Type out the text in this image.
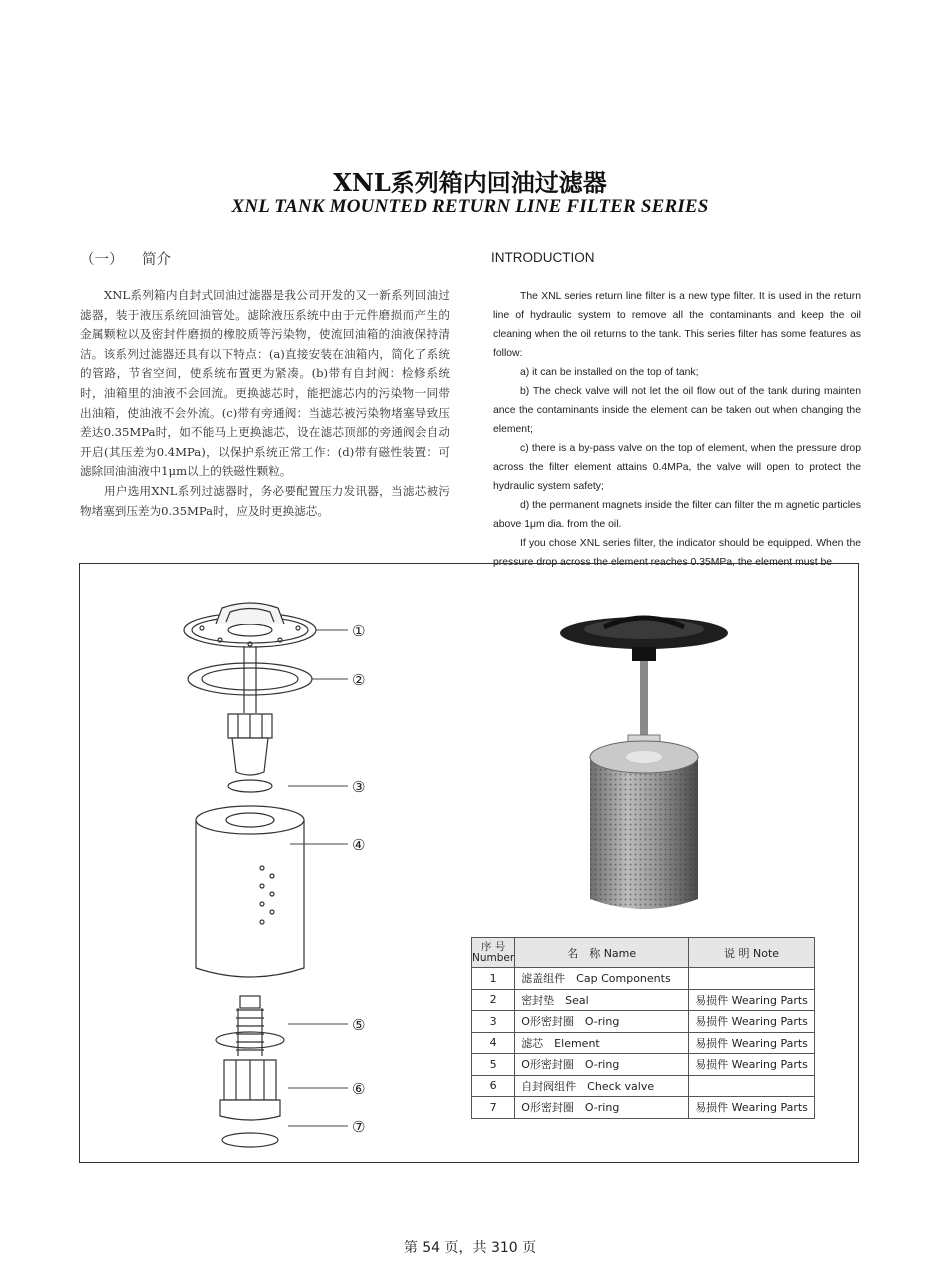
XNL系列箱内回油过滤器
XNL TANK MOUNTED RETURN LINE FILTER SERIES
（一） 简介	INTRODUCTION

XNL系列箱内自封式回油过滤器是我公司开发的又一新系列回油过滤器，装于液压系统回油管处。滤除液压系统中由于元件磨损而产生的金属颗粒以及密封件磨损的橡胶质等污染物，使流回油箱的油液保持清洁。该系列过滤器还具有以下特点：(a)直接安装在油箱内，简化了系统的管路，节省空间，使系统布置更为紧凑。(b)带有自封阀：检修系统时，油箱里的油液不会回流。更换滤芯时，能把滤芯内的污染物一同带出油箱，使油液不会外流。(c)带有旁通阀：当滤芯被污染物堵塞导致压差达0.35MPa时，如不能马上更换滤芯，设在滤芯顶部的旁通阀会自动开启(其压差为0.4MPa)，以保护系统正常工作：(d)带有磁性装置：可滤除回油油液中1μm以上的铁磁性颗粒。

用户选用XNL系列过滤器时，务必要配置压力发讯器，当滤芯被污物堵塞到压差为0.35MPa时，应及时更换滤芯。

The XNL series return line filter is a new type filter. It is used in the return line of hydraulic system to remove all the contaminants and keep the oil cleaning when the oil returns to the tank. This series filter has some features as follow:

a) it can be installed on the top of tank;

b) The check valve will not let the oil flow out of the tank during mainten ance the contaminants inside the element can be taken out when changing the element;

c) there is a by-pass valve on the top of element, when the pressure drop across the filter element attains 0.4MPa, the valve will open to protect the hydraulic system safety;

d) the permanent magnets inside the filter can filter the m agnetic particles above 1μm dia. from the oil.

If you chose XNL series filter, the indicator should be equipped. When the pressure drop across the element reaches 0.35MPa, the element must be

①
②
③
④
⑤
⑥
⑦
序 号
Number	名　称 Name	说 明 Note
1	滤盖组件　Cap Components	
2	密封垫　Seal	易损件 Wearing Parts
3	O形密封圈　O-ring	易损件 Wearing Parts
4	滤芯　Element	易损件 Wearing Parts
5	O形密封圈　O-ring	易损件 Wearing Parts
6	自封阀组件　Check valve	
7	O形密封圈　O-ring	易损件 Wearing Parts
第 54 页，共 310 页
